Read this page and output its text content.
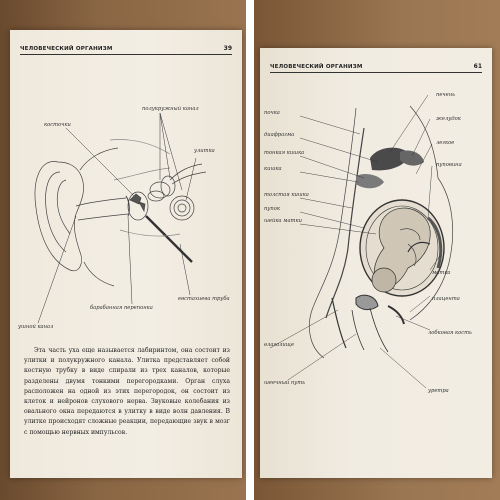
ЧЕЛОВЕЧЕСКИЙ ОРГАНИЗМ	39
полукружный канал
косточки
улитка
евстахиева труба
барабанная перепонка
ушной канал

Эта часть уха еще называется лабиринтом, она состоит из улитки и полукружного канала. Улитка представляет собой костную трубку в виде спирали из трех каналов, которые разделены двумя тонкими перегородками. Орган слуха расположен на одной из этих перегородок, он состоит из клеток и нейронов слухового нерва. Звуковые колебания из овального окна передаются в улитку в виде волн давления. В улитке происходят сложные реакции, передающие звук в мозг с помощью нервных импульсов.

ЧЕЛОВЕЧЕСКИЙ ОРГАНИЗМ	61
печень
желудок
легкое
пуповина
матка
плацента
лобковая кость
уретра
почка
диафрагма
тонкая кишка
кишка
толстая кишка
пупок
шейка матки
влагалище
шеечный путь
